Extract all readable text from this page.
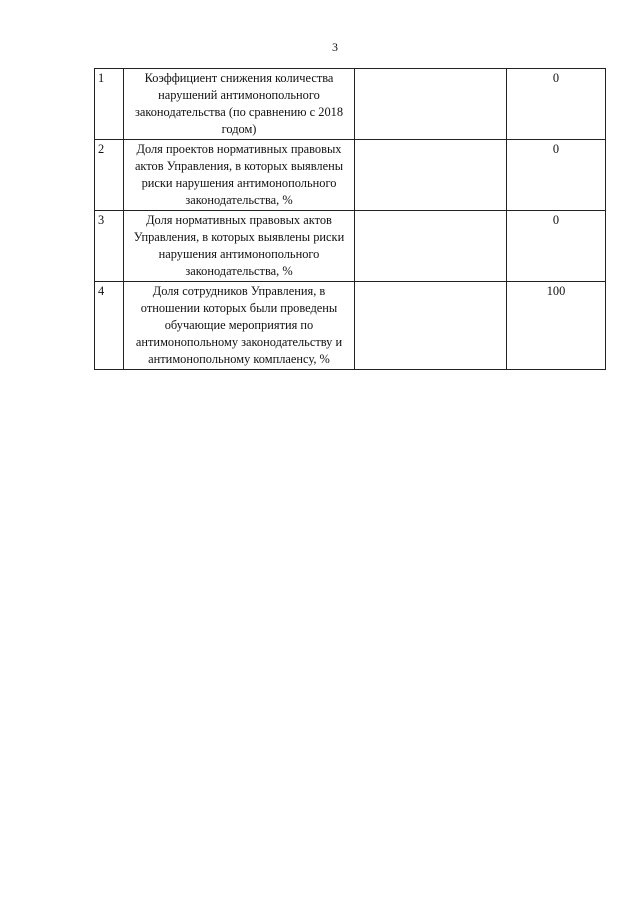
3
1	Коэффициент снижения количества нарушений антимонопольного законодательства (по сравнению с 2018 годом)		0
2	Доля проектов нормативных правовых актов Управления, в которых выявлены риски нарушения антимонопольного законодательства, %		0
3	Доля нормативных правовых актов Управления, в которых выявлены риски нарушения антимонопольного законодательства, %		0
4	Доля сотрудников Управления, в отношении которых были проведены обучающие мероприятия по антимонопольному законодательству и антимонопольному комплаенсу, %		100
